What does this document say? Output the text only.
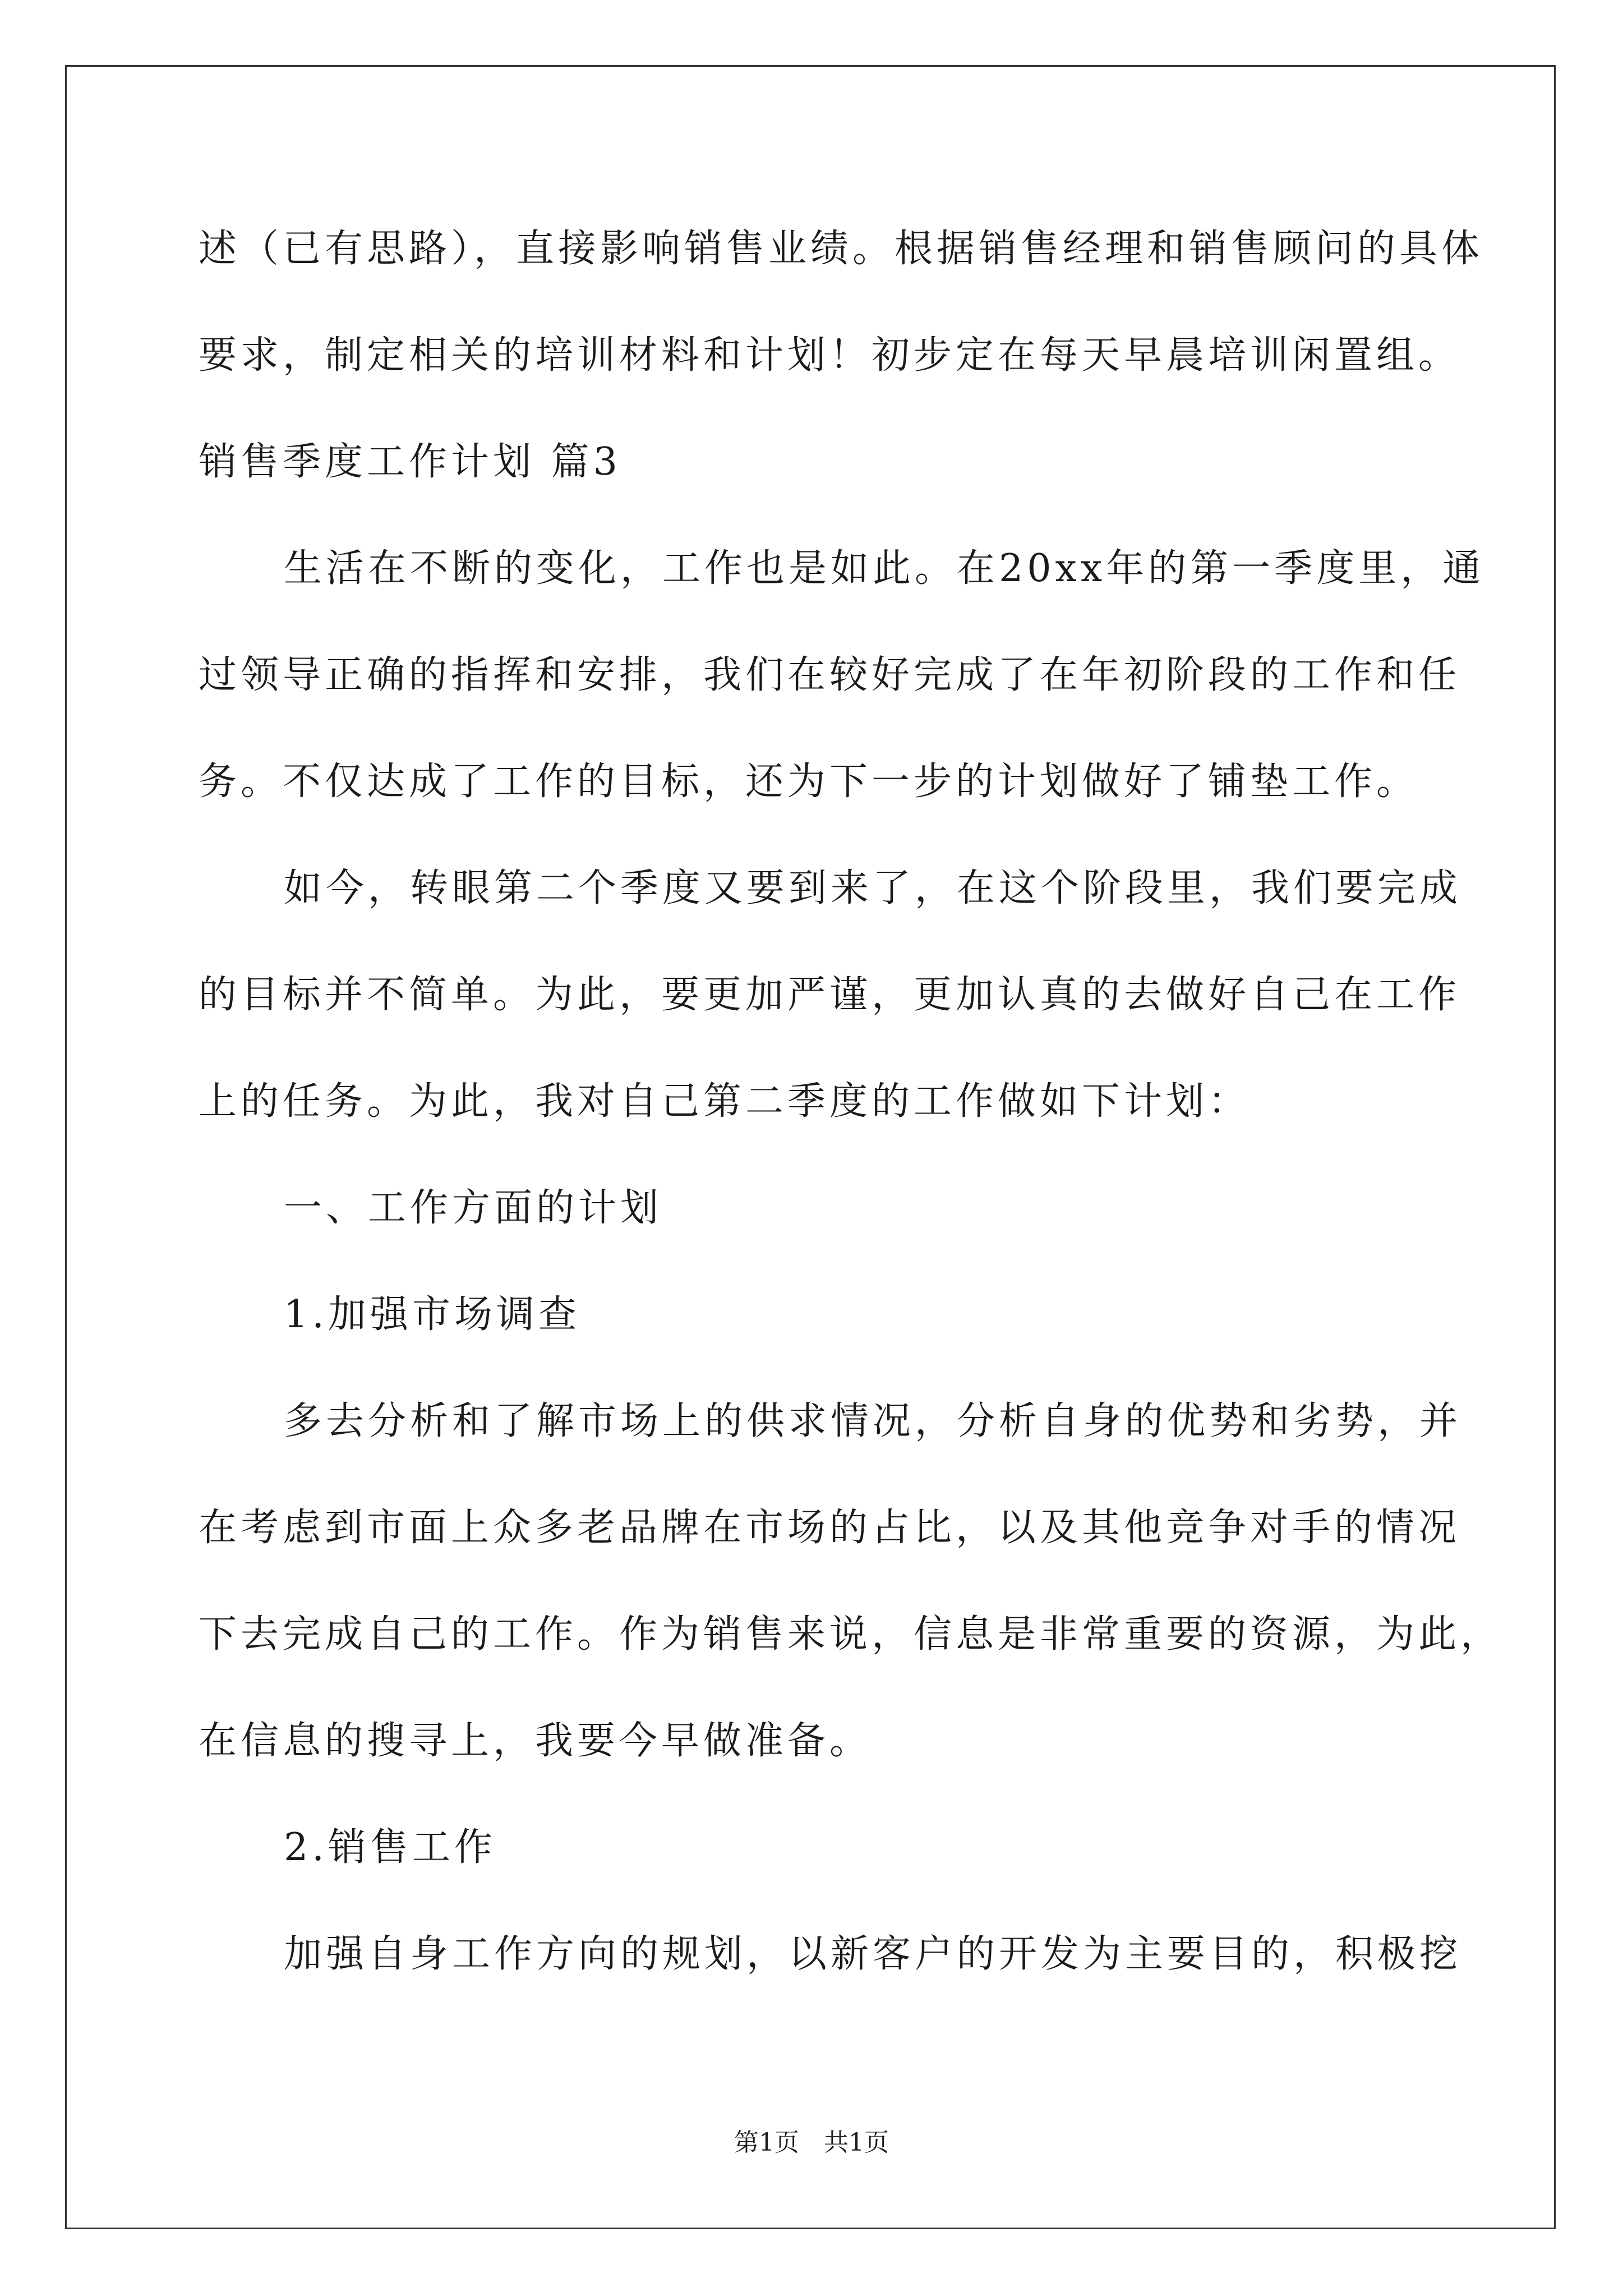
述（已有思路），直接影响销售业绩。根据销售经理和销售顾问的具体
要求，制定相关的培训材料和计划！初步定在每天早晨培训闲置组。
销售季度工作计划 篇3
生活在不断的变化，工作也是如此。在20xx年的第一季度里，通
过领导正确的指挥和安排，我们在较好完成了在年初阶段的工作和任
务。不仅达成了工作的目标，还为下一步的计划做好了铺垫工作。
如今，转眼第二个季度又要到来了，在这个阶段里，我们要完成
的目标并不简单。为此，要更加严谨，更加认真的去做好自己在工作
上的任务。为此，我对自己第二季度的工作做如下计划：
一、工作方面的计划
1.加强市场调查
多去分析和了解市场上的供求情况，分析自身的优势和劣势，并
在考虑到市面上众多老品牌在市场的占比，以及其他竞争对手的情况
下去完成自己的工作。作为销售来说，信息是非常重要的资源，为此，
在信息的搜寻上，我要今早做准备。
2.销售工作
加强自身工作方向的规划，以新客户的开发为主要目的，积极挖
第1页　共1页
